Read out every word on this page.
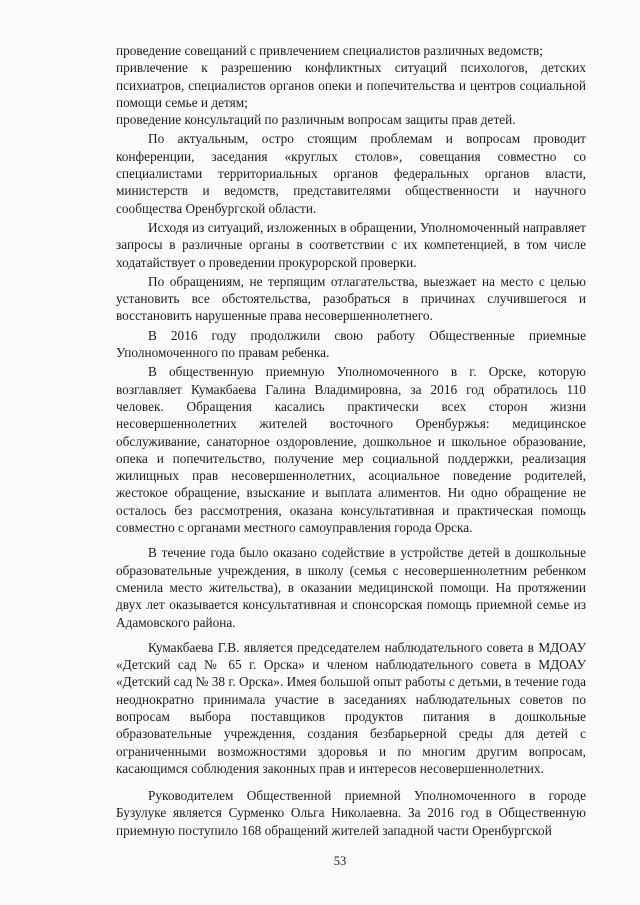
проведение совещаний с привлечением специалистов различных ведомств;

привлечение к разрешению конфликтных ситуаций психологов, детских психиатров, специалистов органов опеки и попечительства и центров социальной помощи семье и детям;

проведение консультаций по различным вопросам защиты прав детей.

По актуальным, остро стоящим проблемам и вопросам проводит конференции, заседания «круглых столов», совещания совместно со специалистами территориальных органов федеральных органов власти, министерств и ведомств, представителями общественности и научного сообщества Оренбургской области.

Исходя из ситуаций, изложенных в обращении, Уполномоченный направляет запросы в различные органы в соответствии с их компетенцией, в том числе ходатайствует о проведении прокурорской проверки.

По обращениям, не терпящим отлагательства, выезжает на место с целью установить все обстоятельства, разобраться в причинах случившегося и восстановить нарушенные права несовершеннолетнего.

В 2016 году продолжили свою работу Общественные приемные Уполномоченного по правам ребенка.

В общественную приемную Уполномоченного в г. Орске, которую возглавляет Кумакбаева Галина Владимировна, за 2016 год обратилось 110 человек. Обращения касались практически всех сторон жизни несовершеннолетних жителей восточного Оренбуржья: медицинское обслуживание, санаторное оздоровление, дошкольное и школьное образование, опека и попечительство, получение мер социальной поддержки, реализация жилищных прав несовершеннолетних, асоциальное поведение родителей, жестокое обращение, взыскание и выплата алиментов. Ни одно обращение не осталось без рассмотрения, оказана консультативная и практическая помощь совместно с органами местного самоуправления города Орска.

В течение года было оказано содействие в устройстве детей в дошкольные образовательные учреждения, в школу (семья с несовершеннолетним ребенком сменила место жительства), в оказании медицинской помощи. На протяжении двух лет оказывается консультативная и спонсорская помощь приемной семье из Адамовского района.

Кумакбаева Г.В. является председателем наблюдательного совета в МДОАУ «Детский сад № 65 г. Орска» и членом наблюдательного совета в МДОАУ «Детский сад № 38 г. Орска». Имея большой опыт работы с детьми, в течение года неоднократно принимала участие в заседаниях наблюдательных советов по вопросам выбора поставщиков продуктов питания в дошкольные образовательные учреждения, создания безбарьерной среды для детей с ограниченными возможностями здоровья и по многим другим вопросам, касающимся соблюдения законных прав и интересов несовершеннолетних.

Руководителем Общественной приемной Уполномоченного в городе Бузулуке является Сурменко Ольга Николаевна. За 2016 год в Общественную приемную поступило 168 обращений жителей западной части Оренбургской

53
